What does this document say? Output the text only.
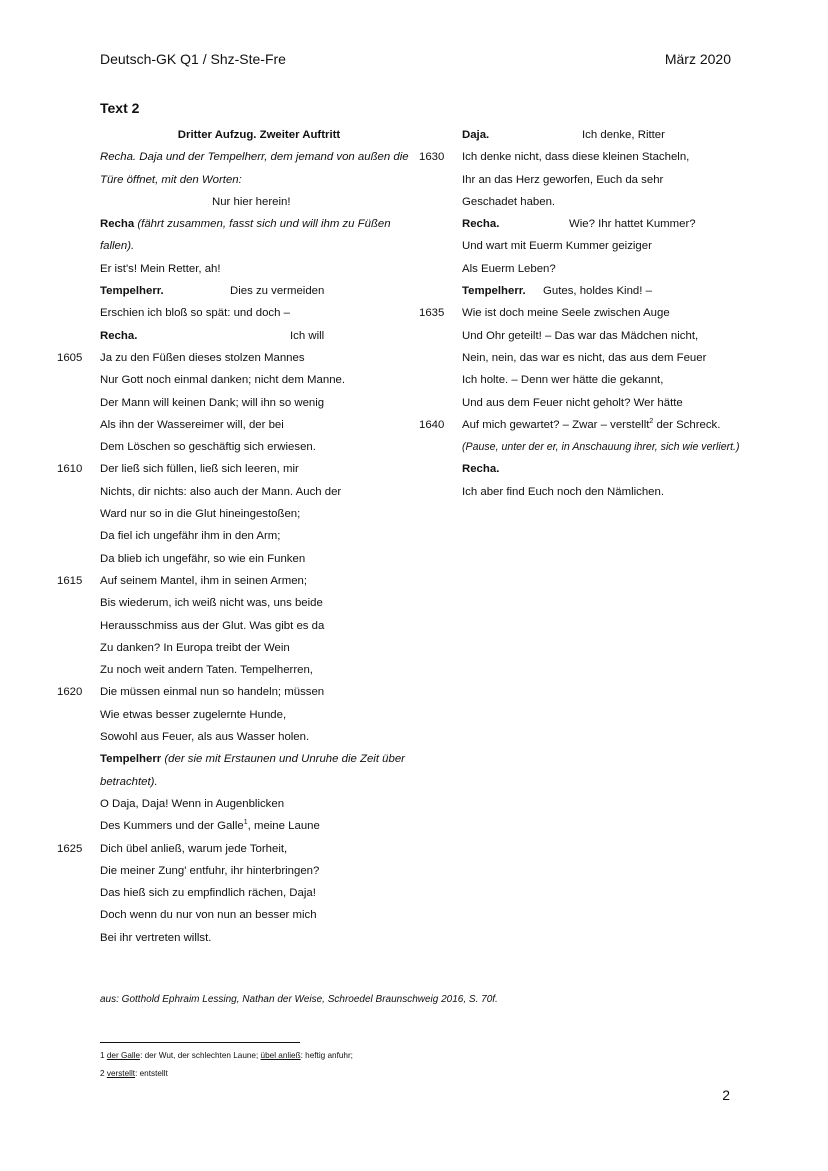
Deutsch-GK Q1 / Shz-Ste-Fre	März 2020
Text 2
Dritter Aufzug. Zweiter Auftritt
Recha. Daja und der Tempelherr, dem jemand von außen die
Türe öffnet, mit den Worten:
Nur hier herein!
Recha (fährt zusammen, fasst sich und will ihm zu Füßen
fallen).
Er ist's! Mein Retter, ah!
Tempelherr.	Dies zu vermeiden
Erschien ich bloß so spät: und doch –
Recha.	Ich will
1605	Ja zu den Füßen dieses stolzen Mannes
Nur Gott noch einmal danken; nicht dem Manne.
Der Mann will keinen Dank; will ihn so wenig
Als ihn der Wassereimer will, der bei
Dem Löschen so geschäftig sich erwiesen.
1610	Der ließ sich füllen, ließ sich leeren, mir
Nichts, dir nichts: also auch der Mann. Auch der
Ward nur so in die Glut hineingestoßen;
Da fiel ich ungefähr ihm in den Arm;
Da blieb ich ungefähr, so wie ein Funken
1615	Auf seinem Mantel, ihm in seinen Armen;
Bis wiederum, ich weiß nicht was, uns beide
Herausschmiss aus der Glut. Was gibt es da
Zu danken? In Europa treibt der Wein
Zu noch weit andern Taten. Tempelherren,
1620	Die müssen einmal nun so handeln; müssen
Wie etwas besser zugelernte Hunde,
Sowohl aus Feuer, als aus Wasser holen.
Tempelherr (der sie mit Erstaunen und Unruhe die Zeit über
betrachtet).
O Daja, Daja! Wenn in Augenblicken
Des Kummers und der Galle$^1$, meine Laune
1625	Dich übel anließ, warum jede Torheit,
Die meiner Zung' entfuhr, ihr hinterbringen?
Das hieß sich zu empfindlich rächen, Daja!
Doch wenn du nur von nun an besser mich
Bei ihr vertreten willst.
Daja.	Ich denke, Ritter
1630	Ich denke nicht, dass diese kleinen Stacheln,
Ihr an das Herz geworfen, Euch da sehr
Geschadet haben.
Recha.	Wie? Ihr hattet Kummer?
Und wart mit Euerm Kummer geiziger
Als Euerm Leben?
Tempelherr. Gutes, holdes Kind! –
1635	Wie ist doch meine Seele zwischen Auge
Und Ohr geteilt! – Das war das Mädchen nicht,
Nein, nein, das war es nicht, das aus dem Feuer
Ich holte. – Denn wer hätte die gekannt,
Und aus dem Feuer nicht geholt? Wer hätte
1640	Auf mich gewartet? – Zwar – verstellt$^2$ der Schreck.
(Pause, unter der er, in Anschauung ihrer, sich wie verliert.)
Recha.
Ich aber find Euch noch den Nämlichen.
aus: Gotthold Ephraim Lessing, Nathan der Weise, Schroedel Braunschweig 2016, S. 70f.
1 der Galle: der Wut, der schlechten Laune; übel anließ: heftig anfuhr;
2 verstellt: entstellt
2
